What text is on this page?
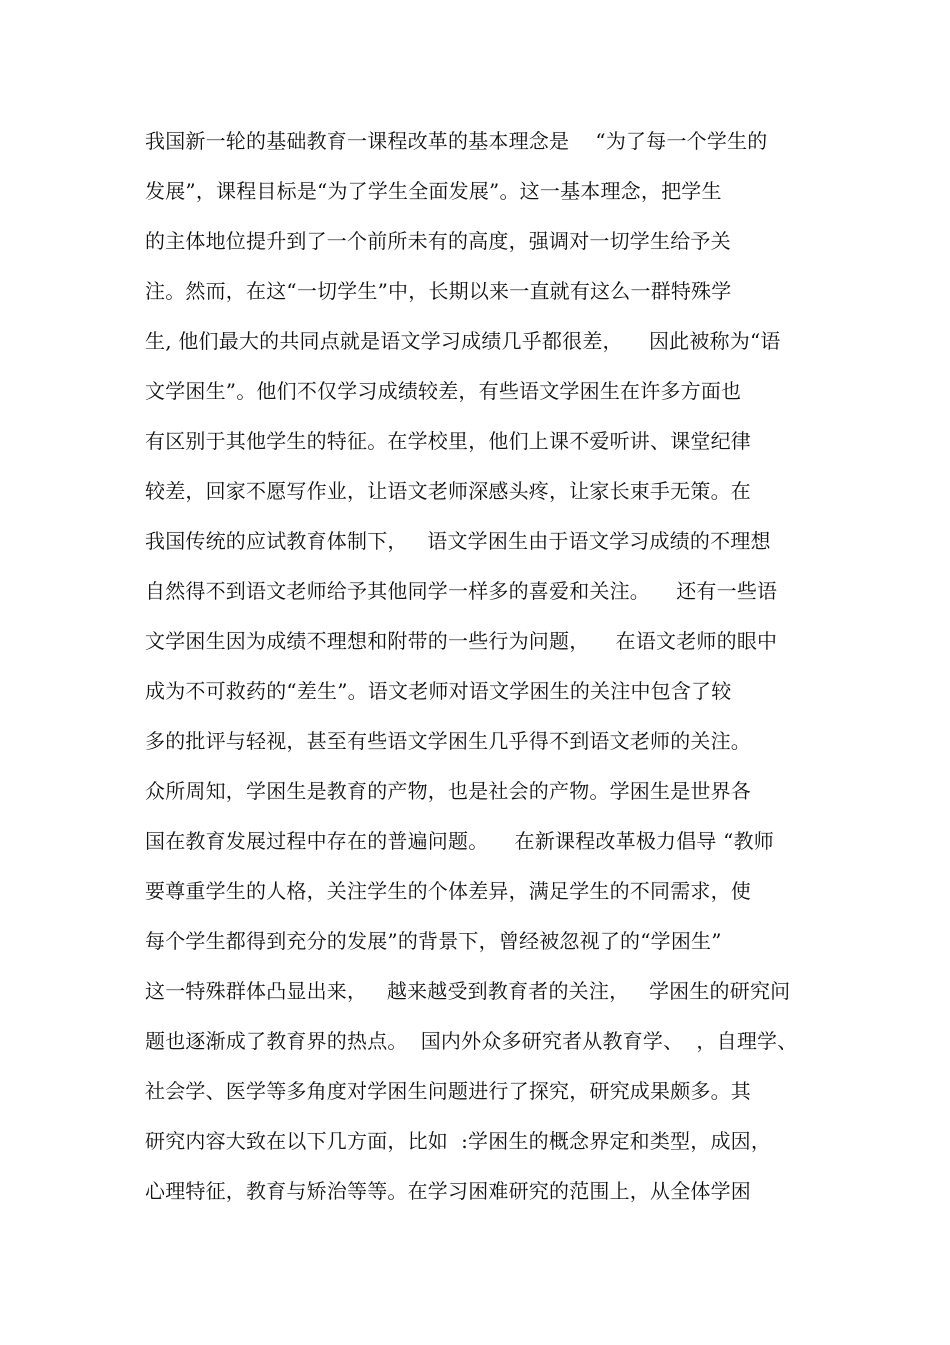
我国新一轮的基础教育一课程改革的基本理念是    “为了每一个学生的
发展”，课程目标是“为了学生全面发展”。这一基本理念，把学生
的主体地位提升到了一个前所未有的高度，强调对一切学生给予关
注。然而，在这“一切学生”中，长期以来一直就有这么一群特殊学
生, 他们最大的共同点就是语文学习成绩几乎都很差，    因此被称为“语
文学困生”。他们不仅学习成绩较差，有些语文学困生在许多方面也
有区别于其他学生的特征。在学校里，他们上课不爱听讲、课堂纪律
较差，回家不愿写作业，让语文老师深感头疼，让家长束手无策。在
我国传统的应试教育体制下，   语文学困生由于语文学习成绩的不理想
自然得不到语文老师给予其他同学一样多的喜爱和关注。    还有一些语
文学困生因为成绩不理想和附带的一些行为问题，    在语文老师的眼中
成为不可救药的“差生”。语文老师对语文学困生的关注中包含了较
多的批评与轻视，甚至有些语文学困生几乎得不到语文老师的关注。
众所周知，学困生是教育的产物，也是社会的产物。学困生是世界各
国在教育发展过程中存在的普遍问题。    在新课程改革极力倡导 “教师
要尊重学生的人格，关注学生的个体差异，满足学生的不同需求，使
每个学生都得到充分的发展”的背景下，曾经被忽视了的“学困生”
这一特殊群体凸显出来，   越来越受到教育者的关注，   学困生的研究问
题也逐渐成了教育界的热点。  国内外众多研究者从教育学、  ，自理学、
社会学、医学等多角度对学困生问题进行了探究，研究成果颇多。其
研究内容大致在以下几方面，比如  :学困生的概念界定和类型，成因，
心理特征，教育与矫治等等。在学习困难研究的范围上，从全体学困
